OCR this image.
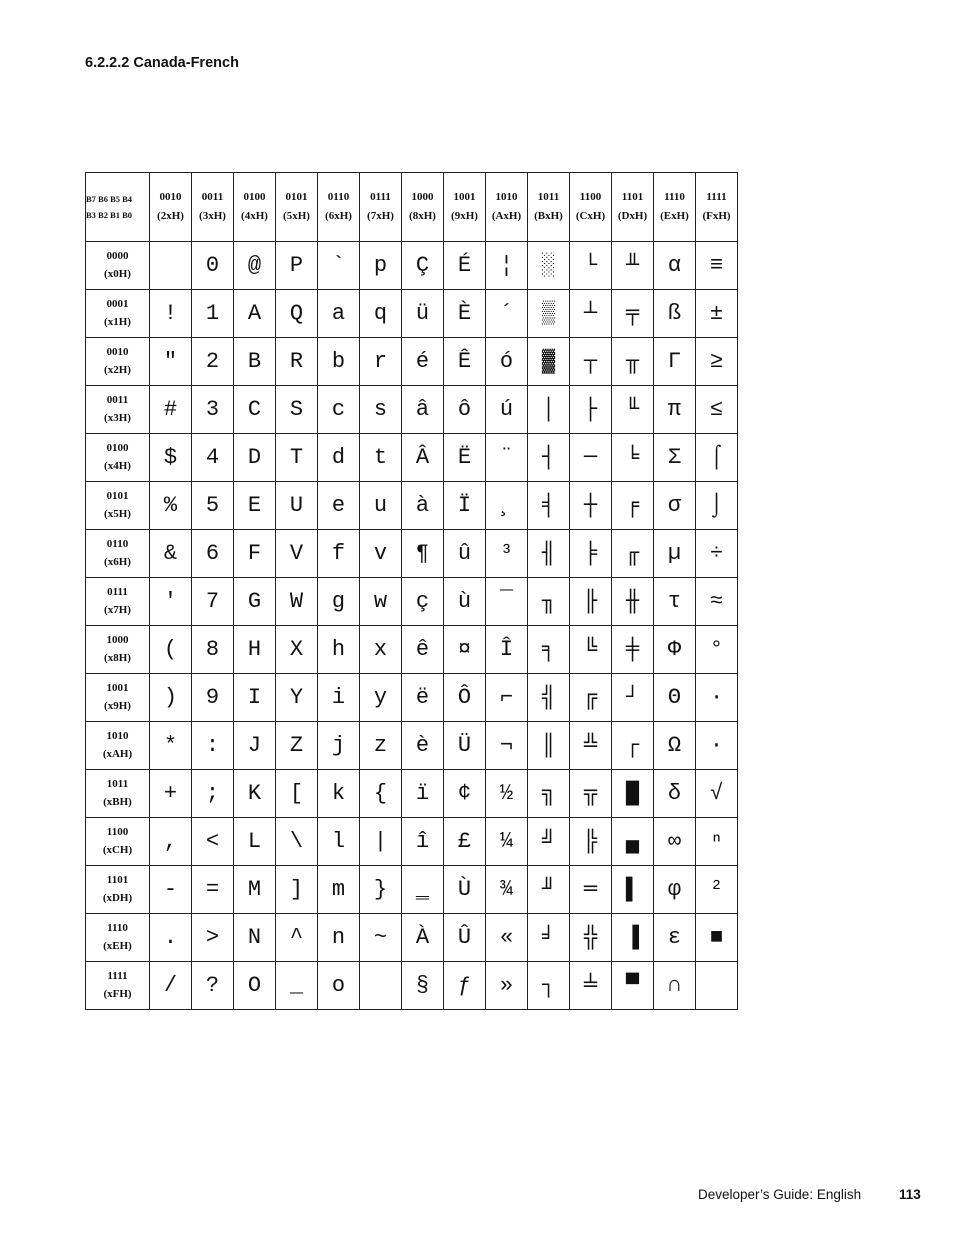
6.2.2.2 Canada-French
B7 B6 B5 B4	0010	0011	0100	0101	0110	0111	1000	1001	1010	1011	1100	1101	1110	1111
B3 B2 B1 B0	(2xH)	(3xH)	(4xH)	(5xH)	(6xH)	(7xH)	(8xH)	(9xH)	(AxH)	(BxH)	(CxH)	(DxH)	(ExH)	(FxH)

0000
(x0H)		0	@	P	`	p	Ç	É	¦	░	└	╨	α	≡

0001
(x1H)	!	1	A	Q	a	q	ü	È	´	▒	┴	╤	ß	±

0010
(x2H)	"	2	B	R	b	r	é	Ê	ó	▓	┬	╥	Γ	≥

0011
(x3H)	#	3	C	S	c	s	â	ô	ú	│	├	╙	π	≤

0100
(x4H)	$	4	D	T	d	t	Â	Ë	¨	┤	─	╘	Σ	⌠

0101
(x5H)	%	5	E	U	e	u	à	Ï	¸	╡	┼	╒	σ	⌡

0110
(x6H)	&	6	F	V	f	v	¶	û	³	╢	╞	╓	µ	÷

0111
(x7H)	'	7	G	W	g	w	ç	ù	¯	╖	╟	╫	τ	≈

1000
(x8H)	(	8	H	X	h	x	ê	¤	Î	╕	╚	╪	Φ	°

1001
(x9H)	)	9	I	Y	i	y	ë	Ô	⌐	╣	╔	┘	Θ	∙

1010
(xAH)	*	:	J	Z	j	z	è	Ü	¬	║	╩	┌	Ω	·

1011
(xBH)	+	;	K	[	k	{	ï	¢	½	╗	╦	█	δ	√

1100
(xCH)	,	<	L	\	l	|	î	£	¼	╝	╠	▄	∞	ⁿ

1101
(xDH)	-	=	M	]	m	}	‗	Ù	¾	╜	═	▌	φ	²

1110
(xEH)	.	>	N	^	n	~	À	Û	«	╛	╬	▐	ε	■

1111
(xFH)	/	?	O	_	o		§	ƒ	»	┐	╧	▀	∩	
Developer’s Guide: English	113
